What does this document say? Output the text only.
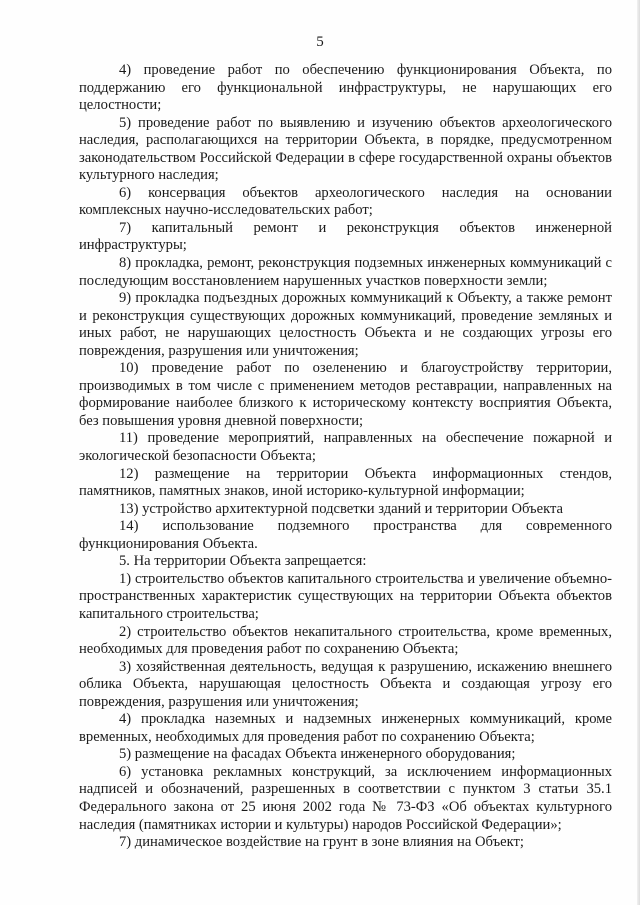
5

4) проведение работ по обеспечению функционирования Объекта, по поддержанию его функциональной инфраструктуры, не нарушающих его целостности;

5) проведение работ по выявлению и изучению объектов археологического наследия, располагающихся на территории Объекта, в порядке, предусмотренном законодательством Российской Федерации в сфере государственной охраны объектов культурного наследия;

6) консервация объектов археологического наследия на основании комплексных научно-исследовательских работ;

7) капитальный ремонт и реконструкция объектов инженерной инфраструктуры;

8) прокладка, ремонт, реконструкция подземных инженерных коммуникаций с последующим восстановлением нарушенных участков поверхности земли;

9) прокладка подъездных дорожных коммуникаций к Объекту, а также ремонт и реконструкция существующих дорожных коммуникаций, проведение земляных и иных работ, не нарушающих целостность Объекта и не создающих угрозы его повреждения, разрушения или уничтожения;

10) проведение работ по озеленению и благоустройству территории, производимых в том числе с применением методов реставрации, направленных на формирование наиболее близкого к историческому контексту восприятия Объекта, без повышения уровня дневной поверхности;

11) проведение мероприятий, направленных на обеспечение пожарной и экологической безопасности Объекта;

12) размещение на территории Объекта информационных стендов, памятников, памятных знаков, иной историко-культурной информации;

13) устройство архитектурной подсветки зданий и территории Объекта

14) использование подземного пространства для современного функционирования Объекта.

5. На территории Объекта запрещается:

1) строительство объектов капитального строительства и увеличение объемно-пространственных характеристик существующих на территории Объекта объектов капитального строительства;

2) строительство объектов некапитального строительства, кроме временных, необходимых для проведения работ по сохранению Объекта;

3) хозяйственная деятельность, ведущая к разрушению, искажению внешнего облика Объекта, нарушающая целостность Объекта и создающая угрозу его повреждения, разрушения или уничтожения;

4) прокладка наземных и надземных инженерных коммуникаций, кроме временных, необходимых для проведения работ по сохранению Объекта;

5) размещение на фасадах Объекта инженерного оборудования;

6) установка рекламных конструкций, за исключением информационных надписей и обозначений, разрешенных в соответствии с пунктом 3 статьи 35.1 Федерального закона от 25 июня 2002 года № 73-ФЗ «Об объектах культурного наследия (памятниках истории и культуры) народов Российской Федерации»;

7) динамическое воздействие на грунт в зоне влияния на Объект;
